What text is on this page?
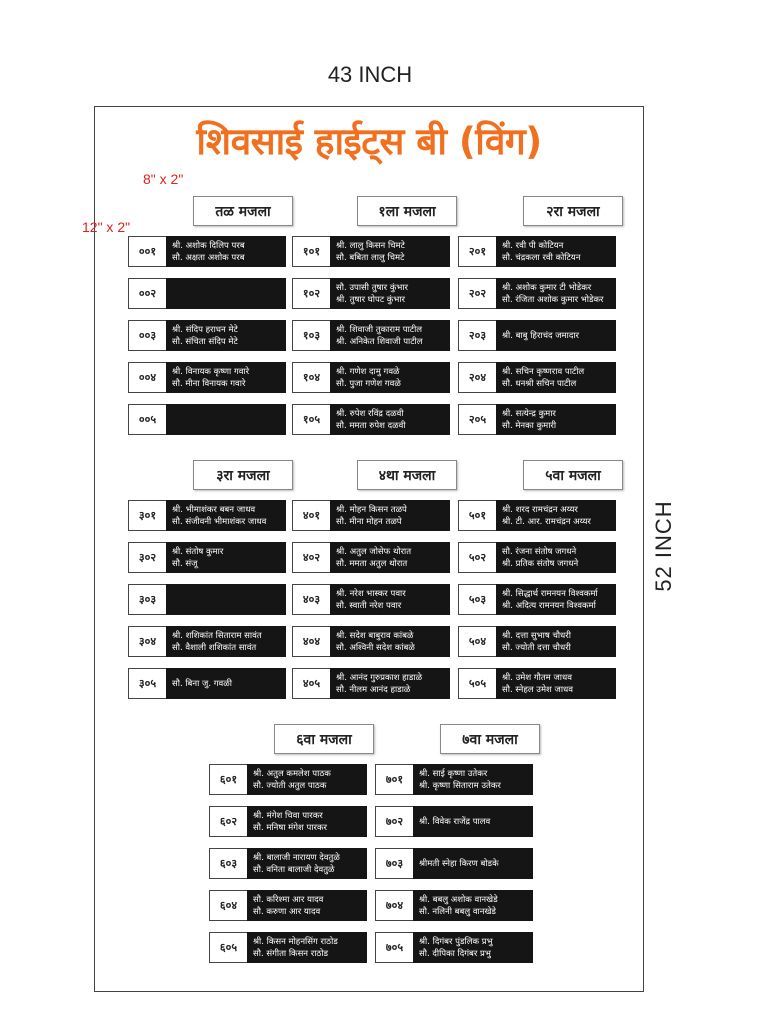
43 INCH
52 INCH
शिवसाई हाईट्स बी (विंग)
8" x 2"
12" x 2"
तळ मजला
००१	श्री. अशोक दिलिप परब
सौ. अक्षता अशोक परब
००२
००३	श्री. संदिप हराधन मेटे
सौ. संचिता संदिप मेटे
००४	श्री. विनायक कृष्णा गवारे
सौ. मीना विनायक गवारे
००५
१ला मजला
१०१	श्री. लालु किसन चिमटे
सौ. बबिता लालु चिमटे
१०२	सौ. उपासी तुषार कुंभार
श्री. तुषार घोपट कुंभार
१०३	श्री. शिवाजी तुकाराम पाटील
श्री. अनिकेत शिवाजी पाटील
१०४	श्री. गणेश दामु गवळे
सौ. पुजा गणेश गवळे
१०५	श्री. रुपेश रविंद्र दळवी
सौ. ममता रुपेश दळवी
२रा मजला
२०१	श्री. रवी पी कोटियन
सौ. चंद्रकला रवी कोटियन
२०२	श्री. अशोक कुमार टी भोडेकर
सौ. रंजिता अशोक कुमार भोडेकर
२०३	श्री. बाबु हिराचंद जमादार
२०४	श्री. सचिन कृष्णराव पाटील
सौ. धनश्री सचिन पाटील
२०५	श्री. सत्येन्द्र कुमार
सौ. मेनका कुमारी
३रा मजला
३०१	श्री. भीमाशंकर बबन जाधव
सौ. संजीवनी भीमाशंकर जाधव
३०२	श्री. संतोष कुमार
सौ. संजू
३०३
३०४	श्री. शशिकांत सिताराम सावंत
सौ. वैशाली शशिकांत सावंत
३०५	सौ. बिना जु. गवळी
४था मजला
४०१	श्री. मोहन किसन तळपे
सौ. मीना मोहन तळपे
४०२	श्री. अतुल जोसेफ थोरात
सौ. ममता अतुल थोरात
४०३	श्री. नरेश भास्कर पवार
सौ. स्वाती नरेश पवार
४०४	श्री. सदेश बाबुराव कांबळे
सौ. अश्विनी सदेश कांबळे
४०५	श्री. आनंद गुरुप्रकाश हाडाळे
सौ. नीलम आनंद हाडाळे
५वा मजला
५०१	श्री. शरद रामचंद्रन अय्यर
श्री. टी. आर. रामचंद्रन अय्यर
५०२	सौ. रंजना संतोष जगधने
श्री. प्रतिक संतोष जगधने
५०३	श्री. सिद्धार्थ रामनयन विश्वकर्मा
श्री. अदित्य रामनयन विश्वकर्मा
५०४	श्री. दत्ता सुभाष चौधरी
सौ. ज्योती दत्ता चौधरी
५०५	श्री. उमेश गौतम जाधव
सौ. स्नेहल उमेश जाधव
६वा मजला
६०१	श्री. अतुल कमलेश पाठक
सौ. ज्योती अतुल पाठक
६०२	श्री. मंगेश चिवा पारकर
सौ. मनिषा मंगेश पारकर
६०३	श्री. बालाजी नारायण देवतुळे
सौ. वनिता बालाजी देवतुळे
६०४	सौ. करिश्मा आर यादव
सौ. करुणा आर यादव
६०५	श्री. किसन मोहनसिंग राठोड
सौ. संगीता किसन राठोड
७वा मजला
७०१	श्री. साई कृष्णा उतेकर
श्री. कृष्णा सिताराम उतेकर
७०२	श्री. विवेक राजेंद्र पालव
७०३	श्रीमती स्नेहा किरण बोडके
७०४	श्री. बबलु अशोक वानखेडे
सौ. नलिनी बबलु वानखेडे
७०५	श्री. दिगंबर पुंडलिक प्रभु
सौ. दीपिका दिगंबर प्रभु
